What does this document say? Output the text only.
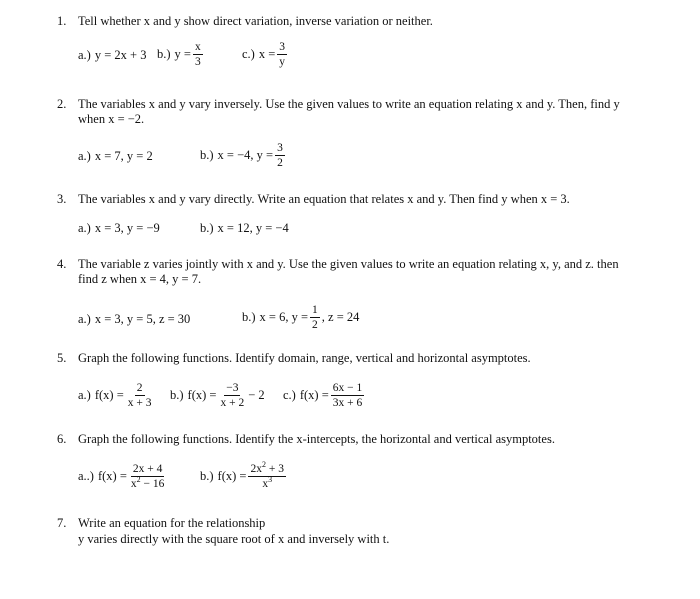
1. Tell whether x and y show direct variation, inverse variation or neither.
a.) y = 2x + 3 b.) $y = \frac{x}{3}$	c.) $x = \frac{3}{y}$
2. The variables x and y vary inversely. Use the given values to write an equation relating x and y. Then, find y
when x = −2.
a.) x = 7, y = 2	b.) x = −4, $y = \frac{3}{2}$
3. The variables x and y vary directly. Write an equation that relates x and y. Then find y when x = 3.
a.) x = 3, y = −9	b.) x = 12, y = −4
4. The variable z varies jointly with x and y. Use the given values to write an equation relating x, y, and z. then
find z when x = 4, y = 7.
a.) x = 3, y = 5, z = 30	b.) x = 6, $y = \frac{1}{2}$ , z = 24
5. Graph the following functions. Identify domain, range, vertical and horizontal asymptotes.
a.) $f(x) = \frac{2}{x + 3} b$.) $f(x) = \frac{-3}{x + 2} - 2$ c.) $f(x) = \frac{6x - 1}{3x + 6}$
6. Graph the following functions. Identify the x-intercepts, the horizontal and vertical asymptotes.
a..) $f(x) = \frac{2x + 4}{x^2 - 16}$	b.) $f(x) = \frac{2x^2 + 3}{x^3}$
7. Write an equation for the relationship
y varies directly with the square root of x and inversely with t.
